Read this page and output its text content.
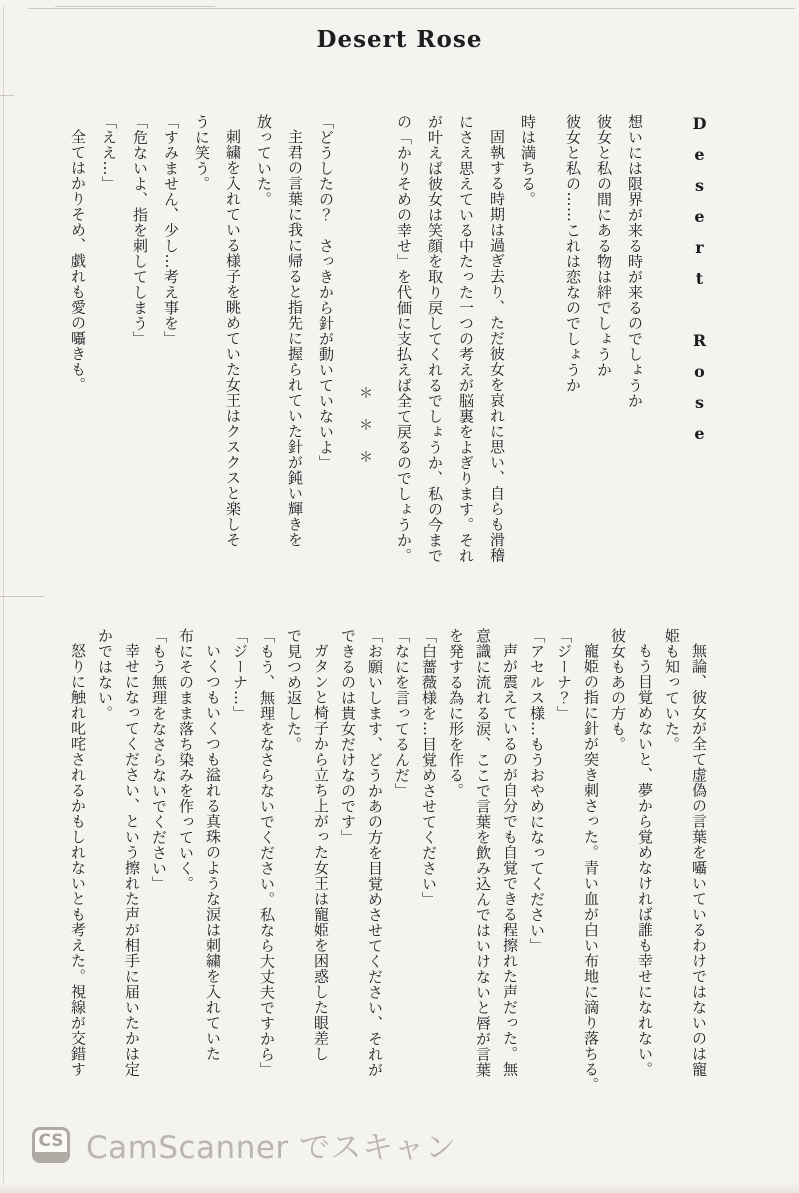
Desert Rose
Desert Rose
想いには限界が来る時が来るのでしょうか
彼女と私の間にある物は絆でしょうか
彼女と私の……これは恋なのでしょうか
時は満ちる。
固執する時期は過ぎ去り、ただ彼女を哀れに思い、自らも滑稽
にさえ思えている中たった一つの考えが脳裏をよぎります。それ
が叶えば彼女は笑顔を取り戻してくれるでしょうか、私の今まで
の「かりそめの幸せ」を代価に支払えば全て戻るのでしょうか。
＊　＊　＊
「どうしたの？　さっきから針が動いていないよ」
主君の言葉に我に帰ると指先に握られていた針が鈍い輝きを
放っていた。
刺繍を入れている様子を眺めていた女王はクスクスと楽しそ
うに笑う。
「すみません、少し…考え事を」
「危ないよ、指を刺してしまう」
「ええ…」
全てはかりそめ、戯れも愛の囁きも。
無論、彼女が全て虚偽の言葉を囁いているわけではないのは寵
姫も知っていた。
もう目覚めないと、夢から覚めなければ誰も幸せになれない。
彼女もあの方も。
寵姫の指に針が突き刺さった。青い血が白い布地に滴り落ちる。
「ジーナ？」
「アセルス様…もうおやめになってください」
声が震えているのが自分でも自覚できる程擦れた声だった。無
意識に流れる涙、ここで言葉を飲み込んではいけないと唇が言葉
を発する為に形を作る。
「白薔薇様を…目覚めさせてください」
「なにを言ってるんだ」
「お願いします、どうかあの方を目覚めさせてください、それが
できるのは貴女だけなのです」
ガタンと椅子から立ち上がった女王は寵姫を困惑した眼差し
で見つめ返した。
「もう、無理をなさらないでください。私なら大丈夫ですから」
「ジーナ…」
いくつもいくつも溢れる真珠のような涙は刺繍を入れていた
布にそのまま落ち染みを作っていく。
「もう無理をなさらないでください」
幸せになってください、という擦れた声が相手に届いたかは定
かではない。
怒りに触れ叱咤されるかもしれないとも考えた。視線が交錯す
CS CamScanner でスキャン
